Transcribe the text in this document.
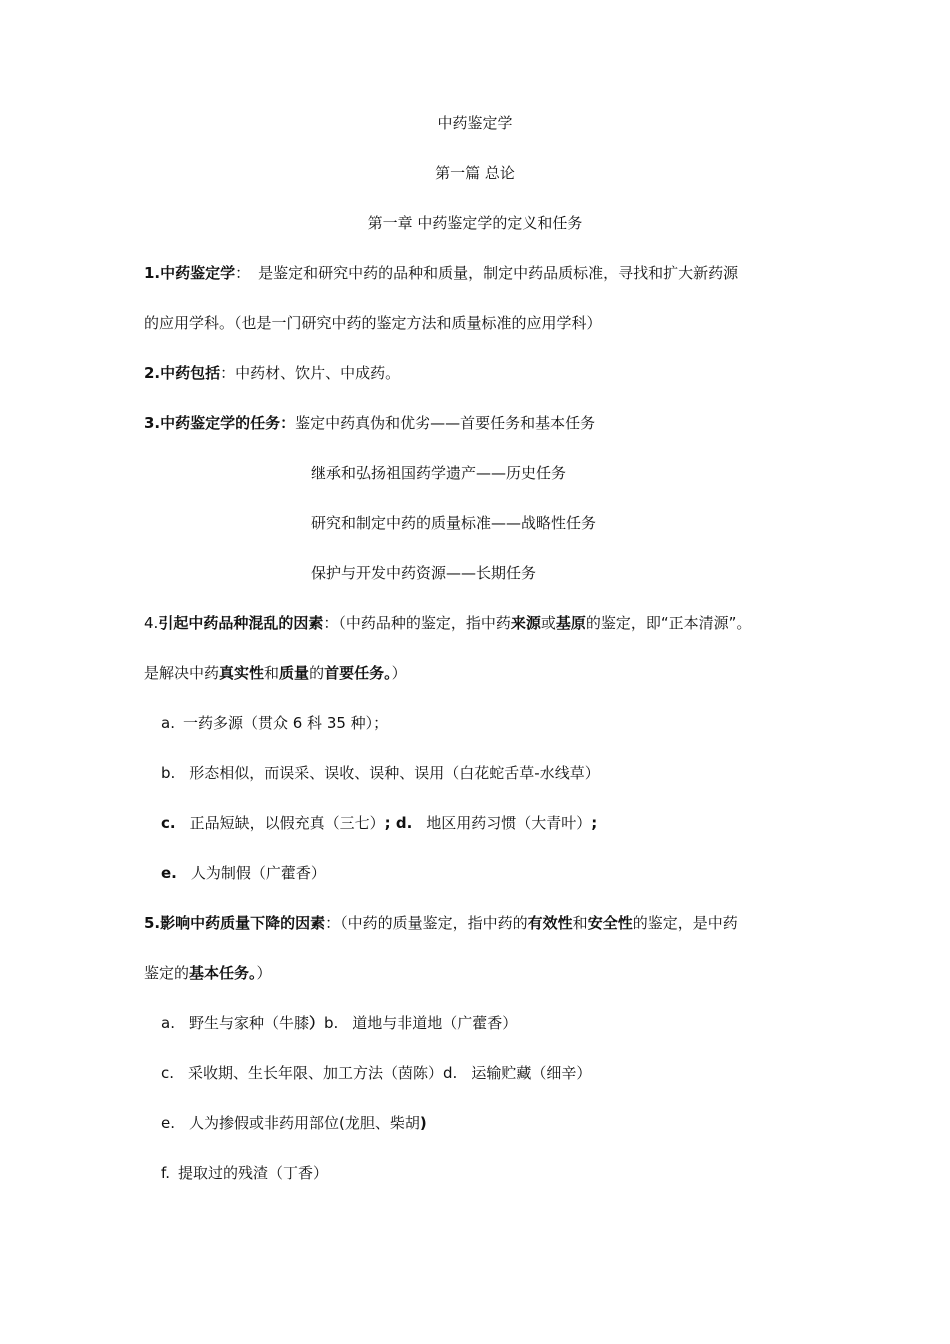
中药鉴定学
第一篇 总论
第一章 中药鉴定学的定义和任务
1.中药鉴定学： 是鉴定和研究中药的品种和质量，制定中药品质标准，寻找和扩大新药源
的应用学科。（也是一门研究中药的鉴定方法和质量标准的应用学科）
2.中药包括：中药材、饮片、中成药。
3.中药鉴定学的任务：鉴定中药真伪和优劣——首要任务和基本任务
继承和弘扬祖国药学遗产——历史任务
研究和制定中药的质量标准——战略性任务
保护与开发中药资源——长期任务
4.引起中药品种混乱的因素：（中药品种的鉴定，指中药来源或基原的鉴定，即“正本清源”。
是解决中药真实性和质量的首要任务。）
a. 一药多源（贯众 6 科 35 种）；
b. 形态相似，而误采、误收、误种、误用（白花蛇舌草-水线草）
c. 正品短缺，以假充真（三七）; d. 地区用药习惯（大青叶）;
e. 人为制假（广藿香）
5.影响中药质量下降的因素：（中药的质量鉴定，指中药的有效性和安全性的鉴定，是中药
鉴定的基本任务。）
a. 野生与家种（牛膝）b. 道地与非道地（广藿香）
c. 采收期、生长年限、加工方法（茵陈）d. 运输贮藏（细辛）
e. 人为掺假或非药用部位(龙胆、柴胡)
f. 提取过的残渣（丁香）
